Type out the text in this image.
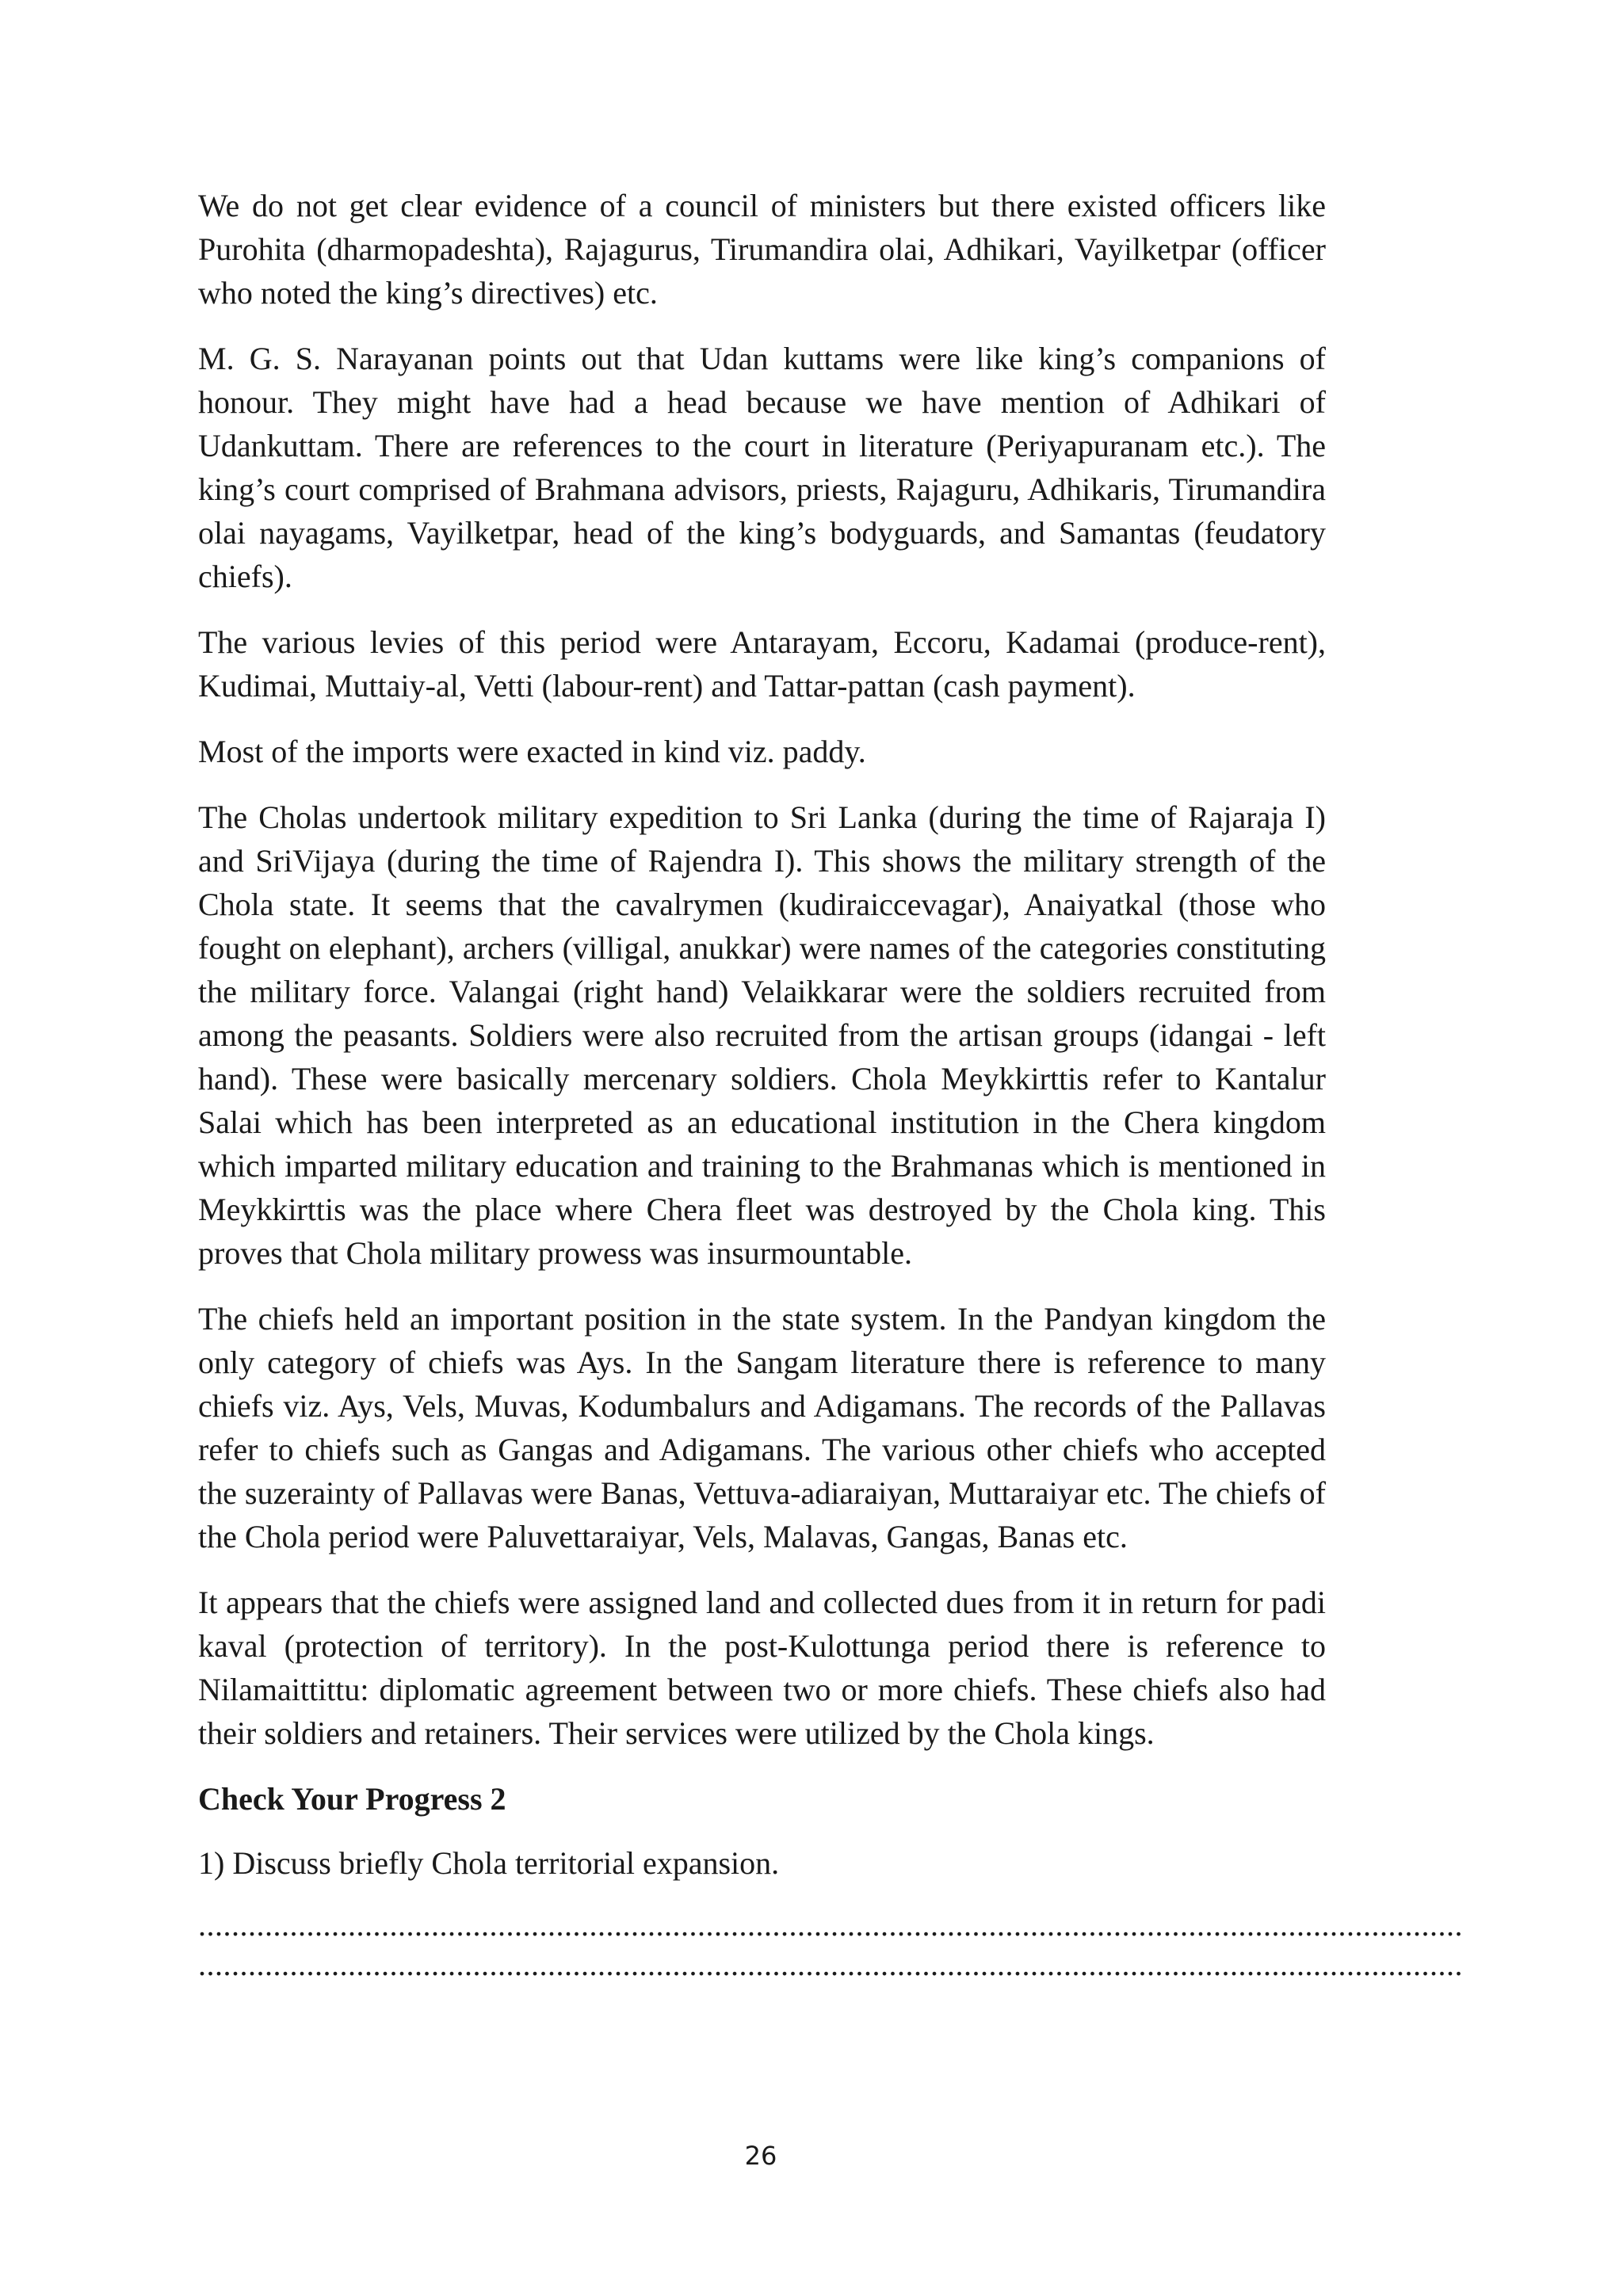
We do not get clear evidence of a council of ministers but there existed officers like Purohita (dharmopadeshta), Rajagurus, Tirumandira olai, Adhikari, Vayilketpar (officer who noted the king’s directives) etc.

M. G. S. Narayanan points out that Udan kuttams were like king’s companions of honour. They might have had a head because we have mention of Adhikari of Udankuttam. There are references to the court in literature (Periyapuranam etc.). The king’s court comprised of Brahmana advisors, priests, Rajaguru, Adhikaris, Tirumandira olai nayagams, Vayilketpar, head of the king’s bodyguards, and Samantas (feudatory chiefs).

The various levies of this period were Antarayam, Eccoru, Kadamai (produce-rent), Kudimai, Muttaiy-al, Vetti (labour-rent) and Tattar-pattan (cash payment).

Most of the imports were exacted in kind viz. paddy.

The Cholas undertook military expedition to Sri Lanka (during the time of Rajaraja I) and SriVijaya (during the time of Rajendra I). This shows the military strength of the Chola state. It seems that the cavalrymen (kudiraiccevagar), Anaiyatkal (those who fought on elephant), archers (villigal, anukkar) were names of the categories constituting the military force. Valangai (right hand) Velaikkarar were the soldiers recruited from among the peasants. Soldiers were also recruited from the artisan groups (idangai - left hand). These were basically mercenary soldiers. Chola Meykkirttis refer to Kantalur Salai which has been interpreted as an educational institution in the Chera kingdom which imparted military education and training to the Brahmanas which is mentioned in Meykkirttis was the place where Chera fleet was destroyed by the Chola king. This proves that Chola military prowess was insurmountable.

The chiefs held an important position in the state system. In the Pandyan kingdom the only category of chiefs was Ays. In the Sangam literature there is reference to many chiefs viz. Ays, Vels, Muvas, Kodumbalurs and Adigamans. The records of the Pallavas refer to chiefs such as Gangas and Adigamans. The various other chiefs who accepted the suzerainty of Pallavas were Banas, Vettuva-adiaraiyan, Muttaraiyar etc. The chiefs of the Chola period were Paluvettaraiyar, Vels, Malavas, Gangas, Banas etc.

It appears that the chiefs were assigned land and collected dues from it in return for padi kaval (protection of territory). In the post-Kulottunga period there is reference to Nilamaittittu: diplomatic agreement between two or more chiefs. These chiefs also had their soldiers and retainers. Their services were utilized by the Chola kings.

Check Your Progress 2
1) Discuss briefly Chola territorial expansion.
........................................................................................................................................................
........................................................................................................................................................
26
